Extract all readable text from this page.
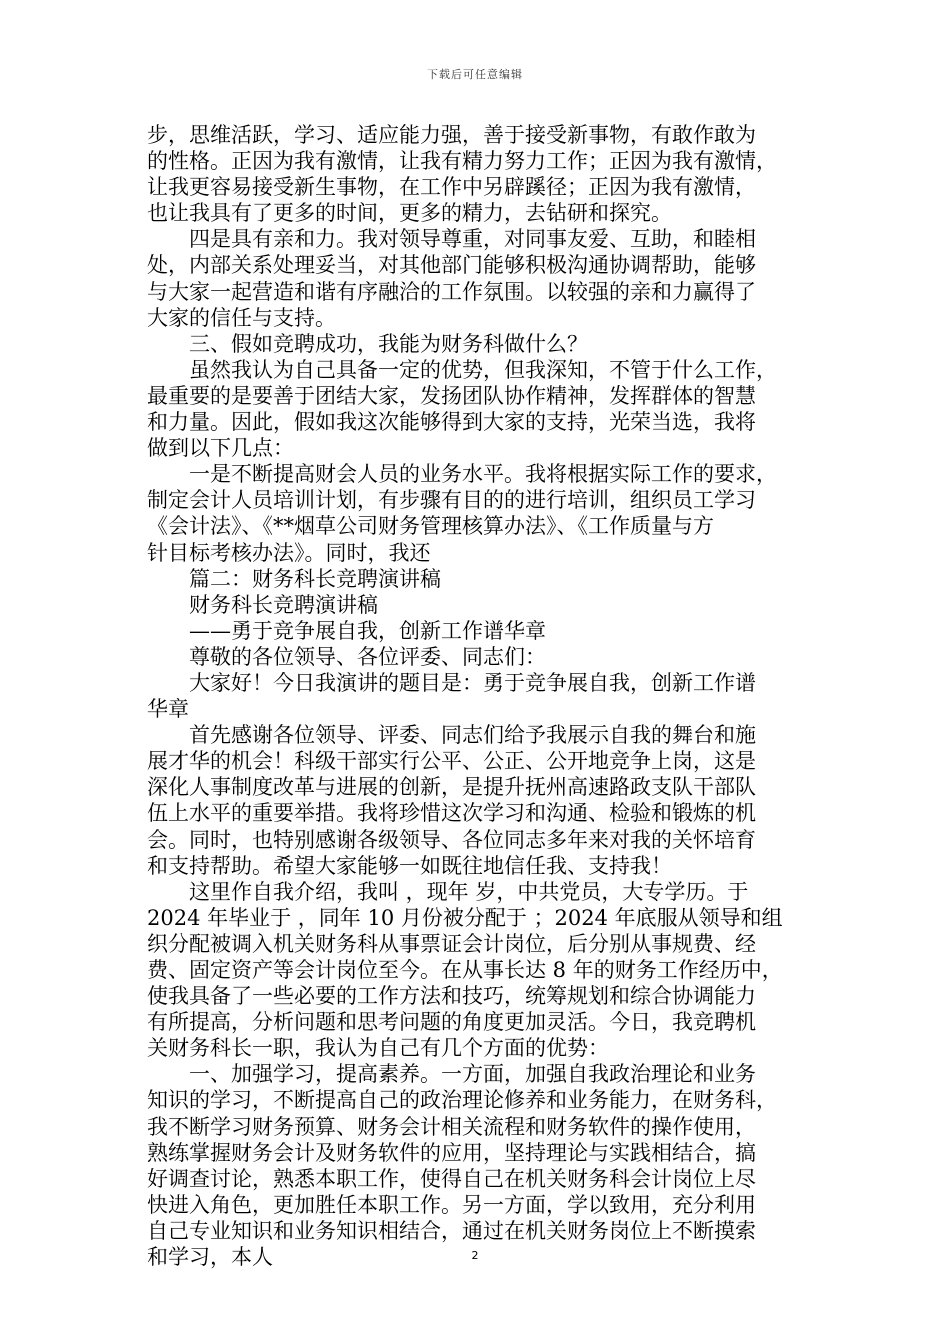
下载后可任意编辑
步，思维活跃，学习、适应能力强，善于接受新事物，有敢作敢为
的性格。正因为我有激情，让我有精力努力工作；正因为我有激情，
让我更容易接受新生事物，在工作中另辟蹊径；正因为我有激情，
也让我具有了更多的时间，更多的精力，去钻研和探究。
四是具有亲和力。我对领导尊重，对同事友爱、互助，和睦相
处，内部关系处理妥当，对其他部门能够积极沟通协调帮助，能够
与大家一起营造和谐有序融洽的工作氛围。以较强的亲和力赢得了
大家的信任与支持。
三、假如竞聘成功，我能为财务科做什么？
虽然我认为自己具备一定的优势，但我深知，不管于什么工作，
最重要的是要善于团结大家，发扬团队协作精神，发挥群体的智慧
和力量。因此，假如我这次能够得到大家的支持，光荣当选，我将
做到以下几点：
一是不断提高财会人员的业务水平。我将根据实际工作的要求，
制定会计人员培训计划，有步骤有目的的进行培训，组织员工学习
《会计法》、《**烟草公司财务管理核算办法》、《工作质量与方
针目标考核办法》。同时，我还
篇二：财务科长竞聘演讲稿
财务科长竞聘演讲稿
——勇于竞争展自我，创新工作谱华章
尊敬的各位领导、各位评委、同志们：
大家好！今日我演讲的题目是：勇于竞争展自我，创新工作谱
华章
首先感谢各位领导、评委、同志们给予我展示自我的舞台和施
展才华的机会！科级干部实行公平、公正、公开地竞争上岗，这是
深化人事制度改革与进展的创新，是提升抚州高速路政支队干部队
伍上水平的重要举措。我将珍惜这次学习和沟通、检验和锻炼的机
会。同时，也特别感谢各级领导、各位同志多年来对我的关怀培育
和支持帮助。希望大家能够一如既往地信任我、支持我！
这里作自我介绍，我叫 ，现年 岁，中共党员，大专学历。于
2024 年毕业于 ，同年 10 月份被分配于 ；2024 年底服从领导和组
织分配被调入机关财务科从事票证会计岗位，后分别从事规费、经
费、固定资产等会计岗位至今。在从事长达 8 年的财务工作经历中，
使我具备了一些必要的工作方法和技巧，统筹规划和综合协调能力
有所提高，分析问题和思考问题的角度更加灵活。今日，我竞聘机
关财务科长一职，我认为自己有几个方面的优势：
一、加强学习，提高素养。一方面，加强自我政治理论和业务
知识的学习，不断提高自己的政治理论修养和业务能力，在财务科，
我不断学习财务预算、财务会计相关流程和财务软件的操作使用，
熟练掌握财务会计及财务软件的应用，坚持理论与实践相结合，搞
好调查讨论，熟悉本职工作，使得自己在机关财务科会计岗位上尽
快进入角色，更加胜任本职工作。另一方面，学以致用，充分利用
自己专业知识和业务知识相结合，通过在机关财务岗位上不断摸索
和学习，本人	2
